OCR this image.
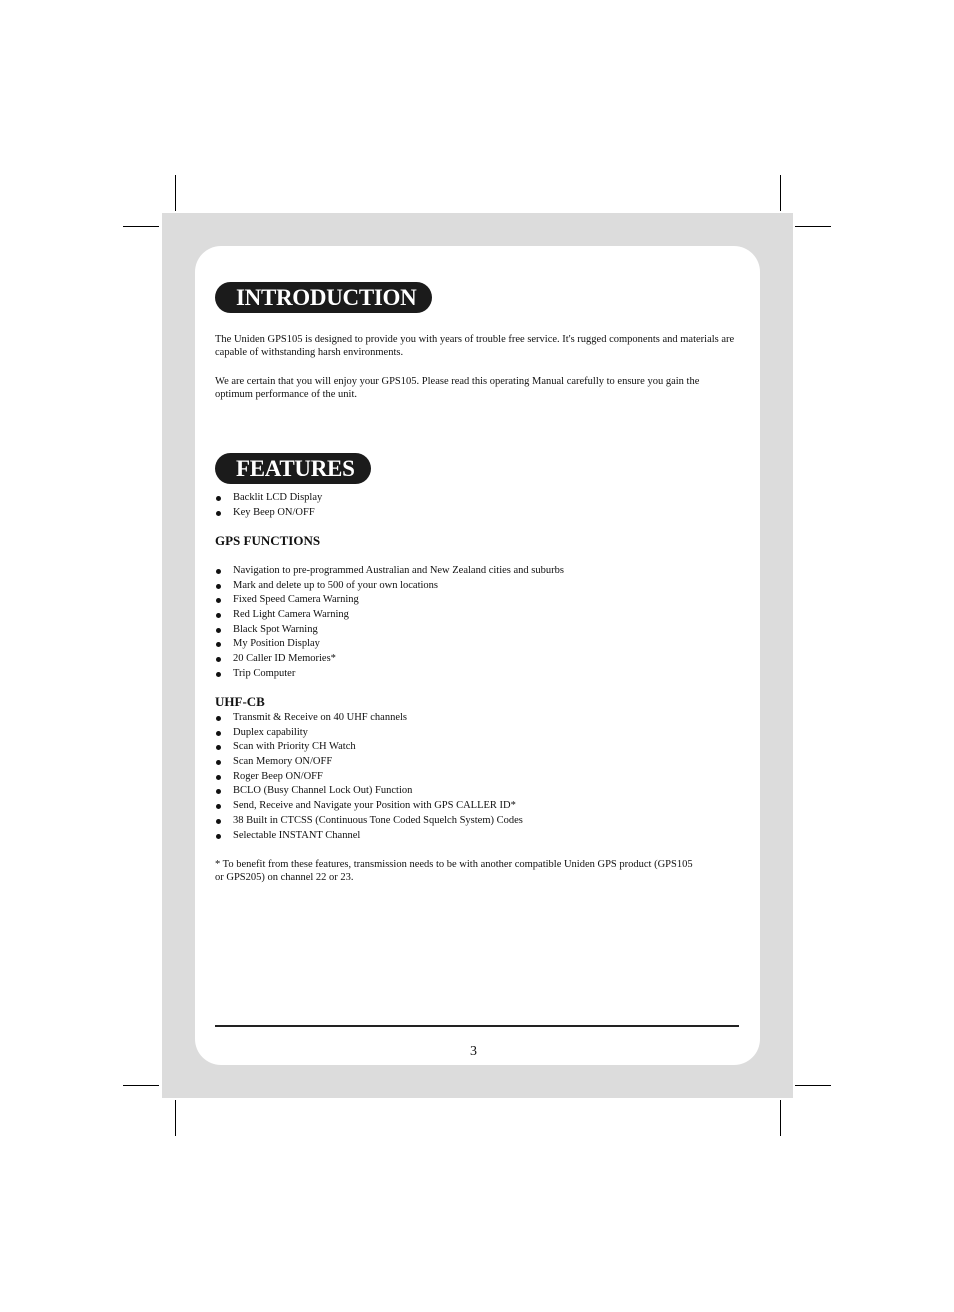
INTRODUCTION

The Uniden GPS105 is designed to provide you with years of trouble free service. It's rugged components and materials are capable of withstanding harsh environments.

We are certain that you will enjoy your GPS105. Please read this operating Manual carefully to ensure you gain the optimum performance of the unit.

FEATURES
Backlit LCD Display
Key Beep ON/OFF

GPS FUNCTIONS

Navigation to pre-programmed Australian and New Zealand cities and suburbs
Mark and delete up to 500 of your own locations
Fixed Speed Camera Warning
Red Light Camera Warning
Black Spot Warning
My Position Display
20 Caller ID Memories*
Trip Computer

UHF-CB

Transmit & Receive on 40 UHF channels
Duplex capability
Scan with Priority CH Watch
Scan Memory ON/OFF
Roger Beep ON/OFF
BCLO (Busy Channel Lock Out) Function
Send, Receive and Navigate your Position with GPS CALLER ID*
38 Built in CTCSS (Continuous Tone Coded Squelch System) Codes
Selectable INSTANT Channel

* To benefit from these features, transmission needs to be with another compatible Uniden GPS product (GPS105 or GPS205) on channel 22 or 23.

3
